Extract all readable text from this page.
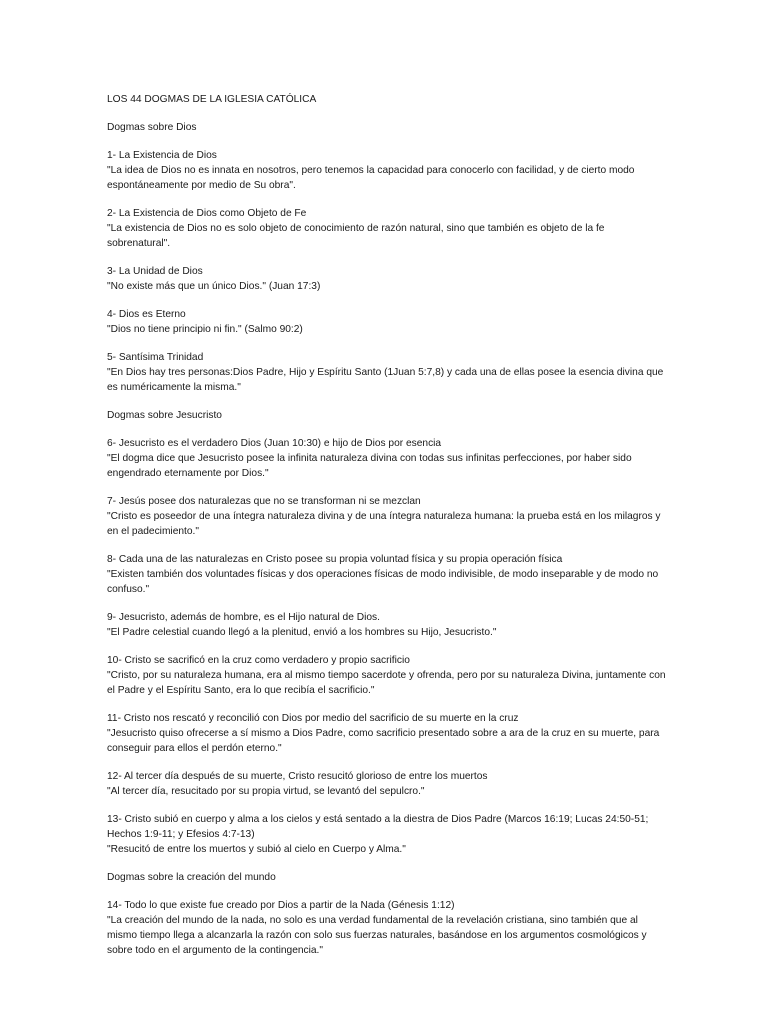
LOS 44 DOGMAS DE LA IGLESIA CATÓLICA

Dogmas sobre Dios

1- La Existencia de Dios
"La idea de Dios no es innata en nosotros, pero tenemos la capacidad para conocerlo con facilidad, y de cierto modo espontáneamente por medio de Su obra".
2- La Existencia de Dios como Objeto de Fe
"La existencia de Dios no es solo objeto de conocimiento de razón natural, sino que también es objeto de la fe sobrenatural".
3- La Unidad de Dios
"No existe más que un único Dios." (Juan 17:3)
4- Dios es Eterno
"Dios no tiene principio ni fin." (Salmo 90:2)
5- Santísima Trinidad
"En Dios hay tres personas:Dios Padre, Hijo y Espíritu Santo (1Juan 5:7,8) y cada una de ellas posee la esencia divina que es numéricamente la misma."

Dogmas sobre Jesucristo

6- Jesucristo es el verdadero Dios (Juan 10:30) e hijo de Dios por esencia
"El dogma dice que Jesucristo posee la infinita naturaleza divina con todas sus infinitas perfecciones, por haber sido engendrado eternamente por Dios."
7- Jesús posee dos naturalezas que no se transforman ni se mezclan
"Cristo es poseedor de una íntegra naturaleza divina y de una íntegra naturaleza humana: la prueba está en los milagros y en el padecimiento."
8- Cada una de las naturalezas en Cristo posee su propia voluntad física y su propia operación física
"Existen también dos voluntades físicas y dos operaciones físicas de modo indivisible, de modo inseparable y de modo no confuso."
9- Jesucristo, además de hombre, es el Hijo natural de Dios.
"El Padre celestial cuando llegó a la plenitud, envió a los hombres su Hijo, Jesucristo."
10- Cristo se sacrificó en la cruz como verdadero y propio sacrificio
"Cristo, por su naturaleza humana, era al mismo tiempo sacerdote y ofrenda, pero por su naturaleza Divina, juntamente con el Padre y el Espíritu Santo, era lo que recibía el sacrificio."
11- Cristo nos rescató y reconcilió con Dios por medio del sacrificio de su muerte en la cruz
"Jesucristo quiso ofrecerse a sí mismo a Dios Padre, como sacrificio presentado sobre a ara de la cruz en su muerte, para conseguir para ellos el perdón eterno."
12- Al tercer día después de su muerte, Cristo resucitó glorioso de entre los muertos
"Al tercer día, resucitado por su propia virtud, se levantó del sepulcro."
13- Cristo subió en cuerpo y alma a los cielos y está sentado a la diestra de Dios Padre (Marcos 16:19; Lucas 24:50-51; Hechos 1:9-11; y Efesios 4:7-13)
"Resucitó de entre los muertos y subió al cielo en Cuerpo y Alma."

Dogmas sobre la creación del mundo

14- Todo lo que existe fue creado por Dios a partir de la Nada (Génesis 1:12)
"La creación del mundo de la nada, no solo es una verdad fundamental de la revelación cristiana, sino también que al mismo tiempo llega a alcanzarla la razón con solo sus fuerzas naturales, basándose en los argumentos cosmológicos y sobre todo en el argumento de la contingencia."
